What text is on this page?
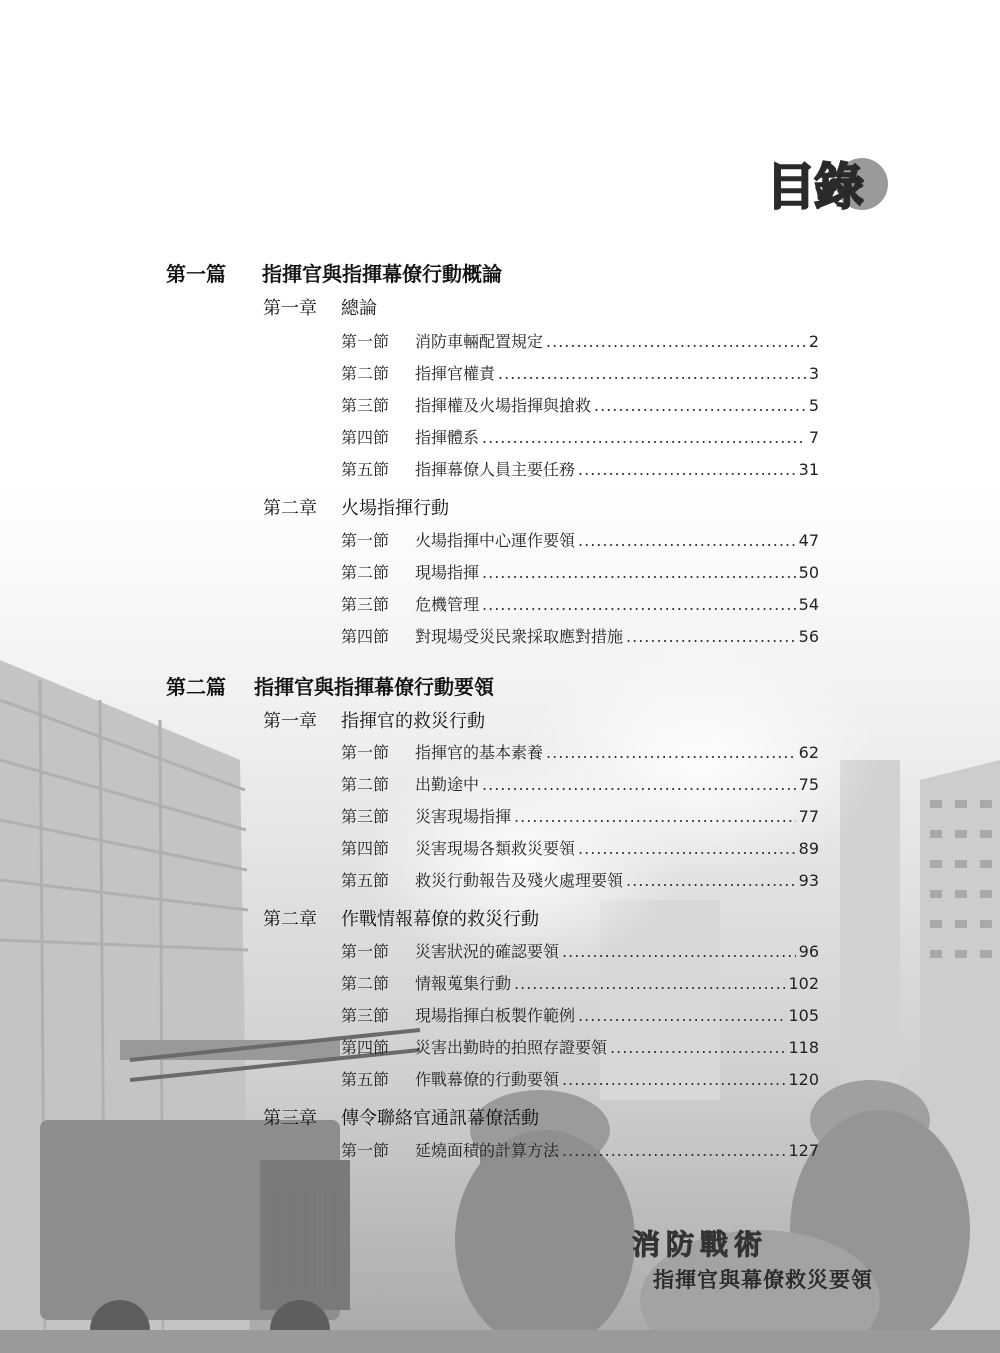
目錄
第一篇	指揮官與指揮幕僚行動概論
第一章	總論
第一節	消防車輛配置規定 .....	2
第二節	指揮官權責 .....	3
第三節	指揮權及火場指揮與搶救 .....	5
第四節	指揮體系 .....	7
第五節	指揮幕僚人員主要任務 .....	31
第二章	火場指揮行動
第一節	火場指揮中心運作要領 .....	47
第二節	現場指揮 .....	50
第三節	危機管理 .....	54
第四節	對現場受災民衆採取應對措施 .....	56
第二篇	指揮官與指揮幕僚行動要領
第一章	指揮官的救災行動
第一節	指揮官的基本素養 .....	62
第二節	出勤途中 .....	75
第三節	災害現場指揮 .....	77
第四節	災害現場各類救災要領 .....	89
第五節	救災行動報告及殘火處理要領 .....	93
第二章	作戰情報幕僚的救災行動
第一節	災害狀況的確認要領 .....	96
第二節	情報蒐集行動 .....	102
第三節	現場指揮白板製作範例 .....	105
第四節	災害出勤時的拍照存證要領 .....	118
第五節	作戰幕僚的行動要領 .....	120
第三章	傳令聯絡官通訊幕僚活動
第一節	延燒面積的計算方法 .....	127
消防戰術
指揮官與幕僚救災要領
